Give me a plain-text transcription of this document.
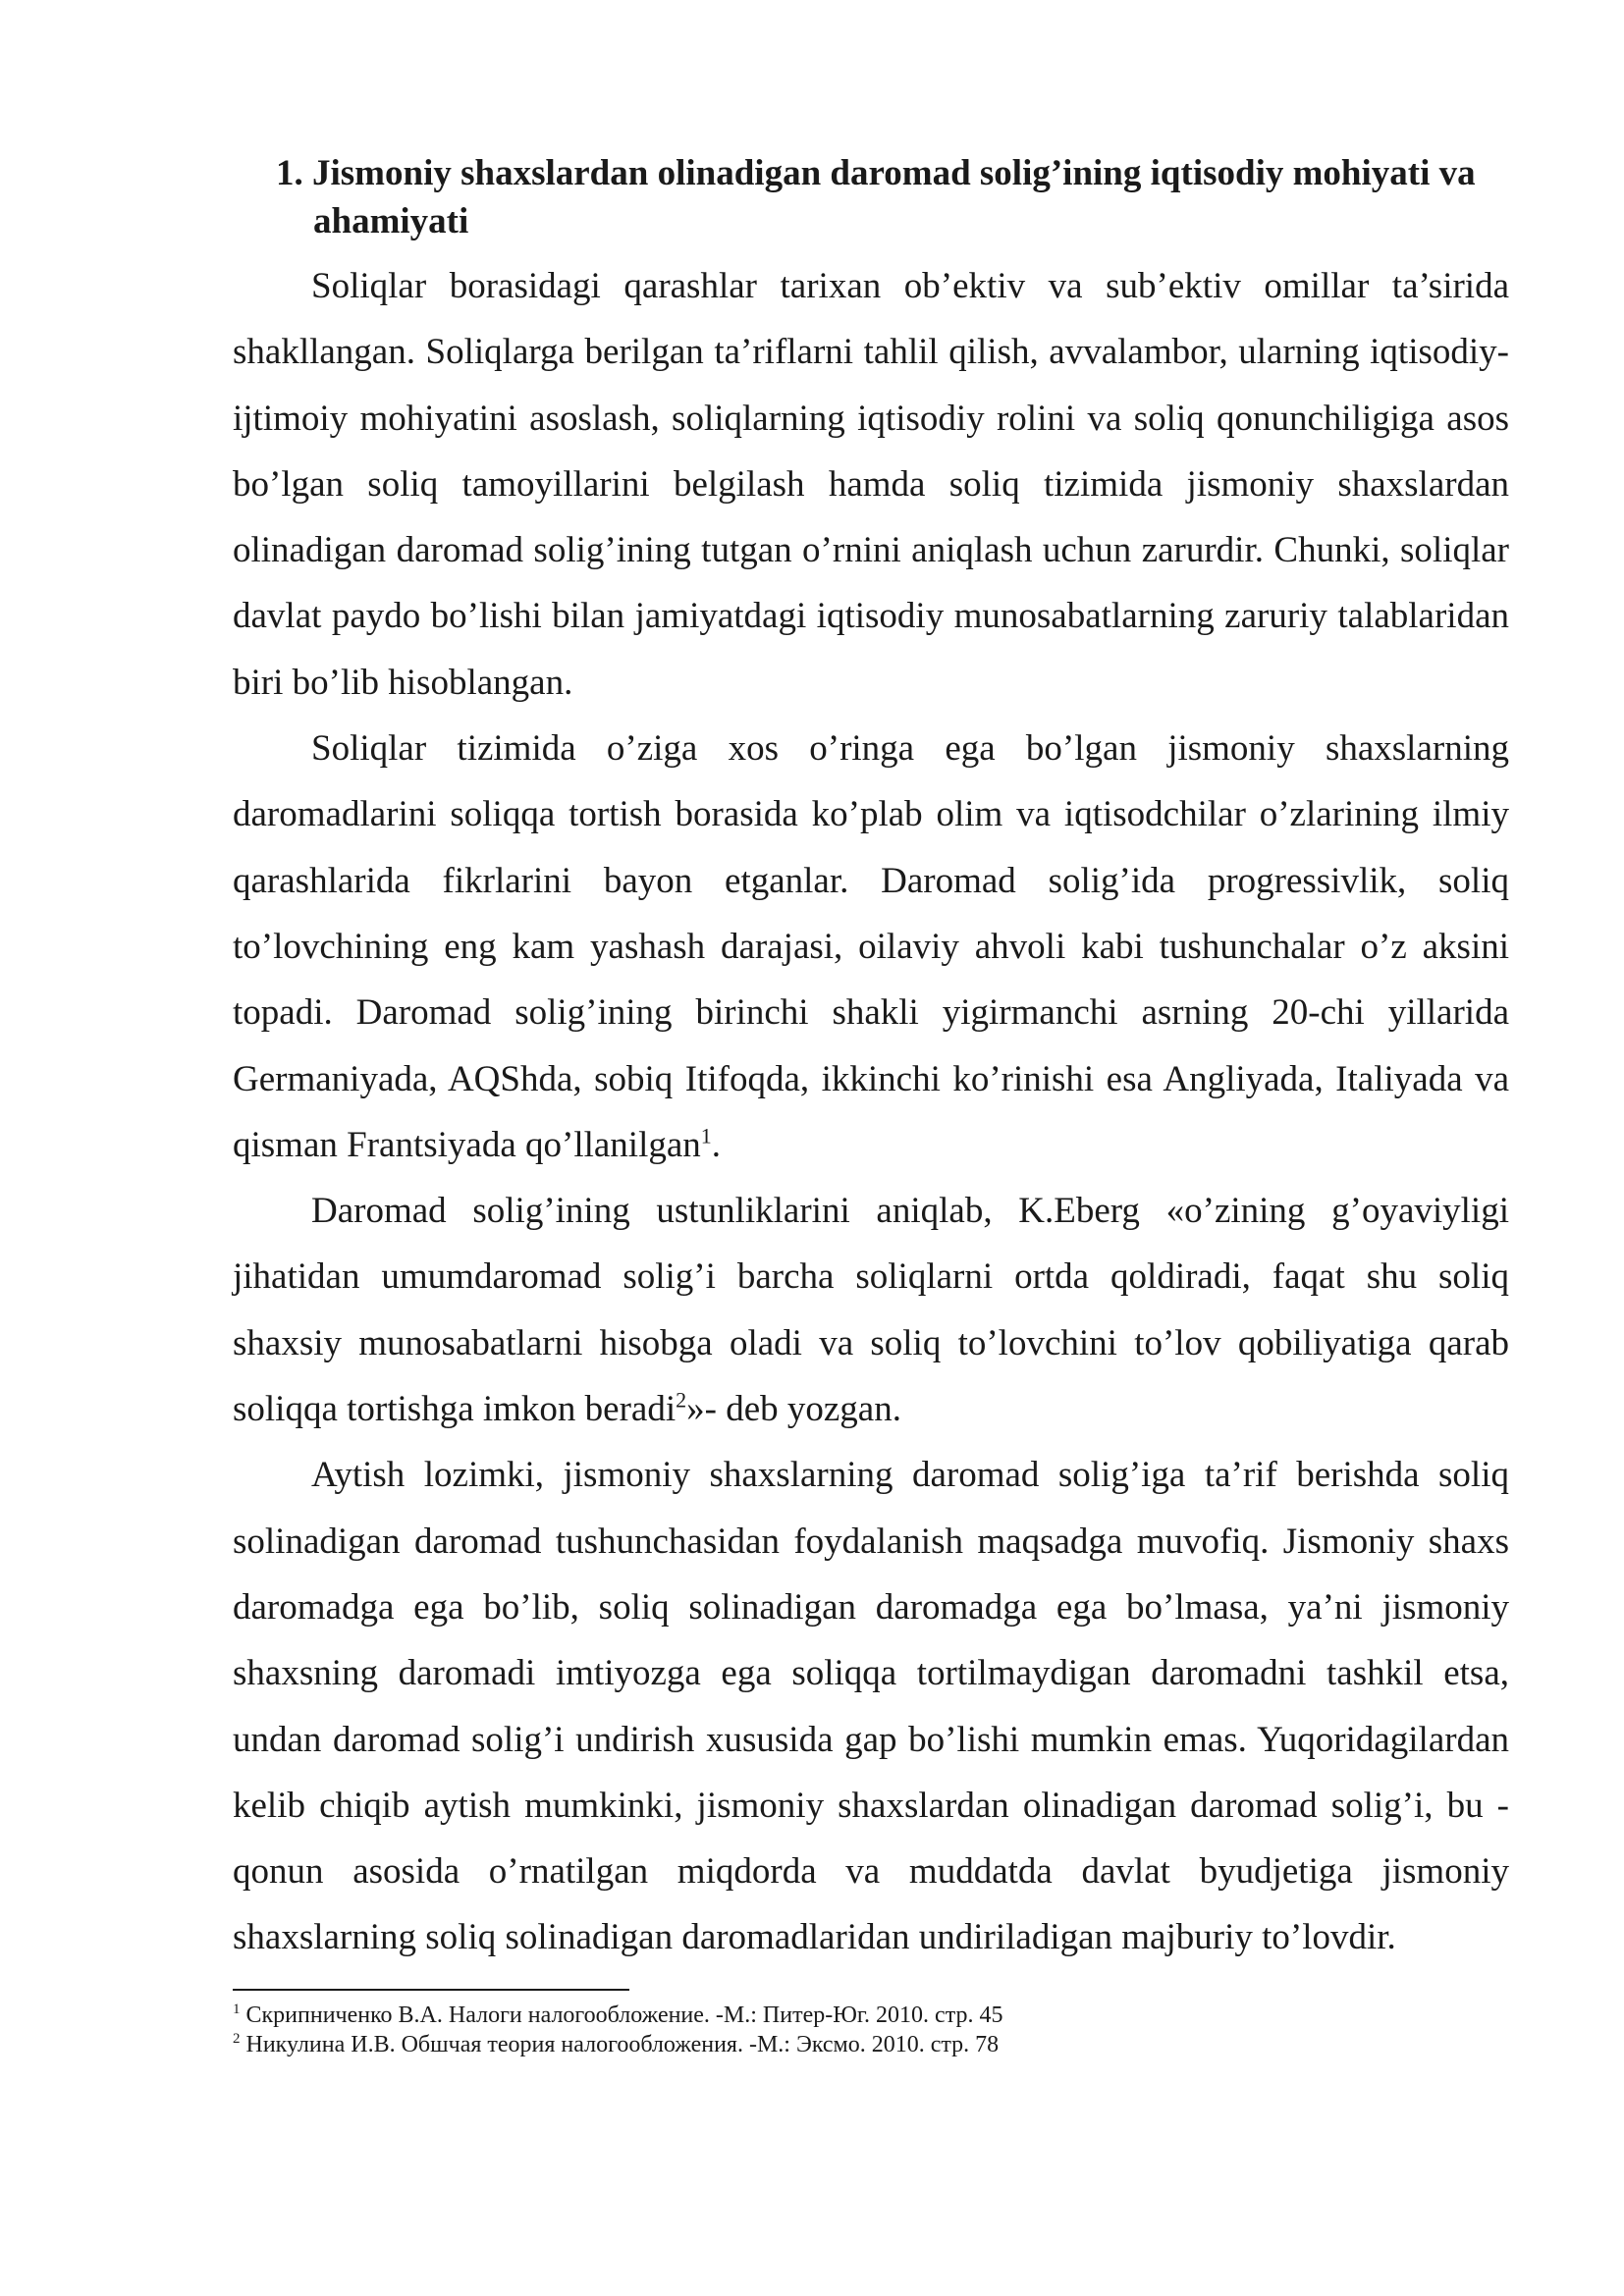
1. Jismoniy shaxslardan olinadigan daromad solig’ining iqtisodiy mohiyati va ahamiyati

Soliqlar borasidagi qarashlar tarixan ob’ektiv va sub’ektiv omillar ta’sirida shakllangan. Soliqlarga berilgan ta’riflarni tahlil qilish, avvalambor, ularning iqtisodiy-ijtimoiy mohiyatini asoslash, soliqlarning iqtisodiy rolini va soliq qonunchiligiga asos bo’lgan soliq tamoyillarini belgilash hamda soliq tizimida jismoniy shaxslardan olinadigan daromad solig’ining tutgan o’rnini aniqlash uchun zarurdir. Chunki, soliqlar davlat paydo bo’lishi bilan jamiyatdagi iqtisodiy munosabatlarning zaruriy talablaridan biri bo’lib hisoblangan.

Soliqlar tizimida o’ziga xos o’ringa ega bo’lgan jismoniy shaxslarning daromadlarini soliqqa tortish borasida ko’plab olim va iqtisodchilar o’zlarining ilmiy qarashlarida fikrlarini bayon etganlar. Daromad solig’ida progressivlik, soliq to’lovchining eng kam yashash darajasi, oilaviy ahvoli kabi tushunchalar o’z aksini topadi. Daromad solig’ining birinchi shakli yigirmanchi asrning 20-chi yillarida Germaniyada, AQShda, sobiq Itifoqda, ikkinchi ko’rinishi esa Angliyada, Italiyada va qisman Frantsiyada qo’llanilgan$^1$.

Daromad solig’ining ustunliklarini aniqlab, K.Eberg «o’zining g’oyaviyligi jihatidan umumdaromad solig’i barcha soliqlarni ortda qoldiradi, faqat shu soliq shaxsiy munosabatlarni hisobga oladi va soliq to’lovchini to’lov qobiliyatiga qarab soliqqa tortishga imkon beradi$^2$»- deb yozgan.

Aytish lozimki, jismoniy shaxslarning daromad solig’iga ta’rif berishda soliq solinadigan daromad tushunchasidan foydalanish maqsadga muvofiq. Jismoniy shaxs daromadga ega bo’lib, soliq solinadigan daromadga ega bo’lmasa, ya’ni jismoniy shaxsning daromadi imtiyozga ega soliqqa tortilmaydigan daromadni tashkil etsa, undan daromad solig’i undirish xususida gap bo’lishi mumkin emas. Yuqoridagilardan kelib chiqib aytish mumkinki, jismoniy shaxslardan olinadigan daromad solig’i, bu - qonun asosida o’rnatilgan miqdorda va muddatda davlat byudjetiga jismoniy shaxslarning soliq solinadigan daromadlaridan undiriladigan majburiy to’lovdir.

$^1$ Скрипниченко В.А. Налоги налогообложение. -М.: Питер-Юг. 2010. стр. 45

$^2$ Никулина И.В. Обшчая теория налогообложения. -М.: Эксмо. 2010. стр. 78
